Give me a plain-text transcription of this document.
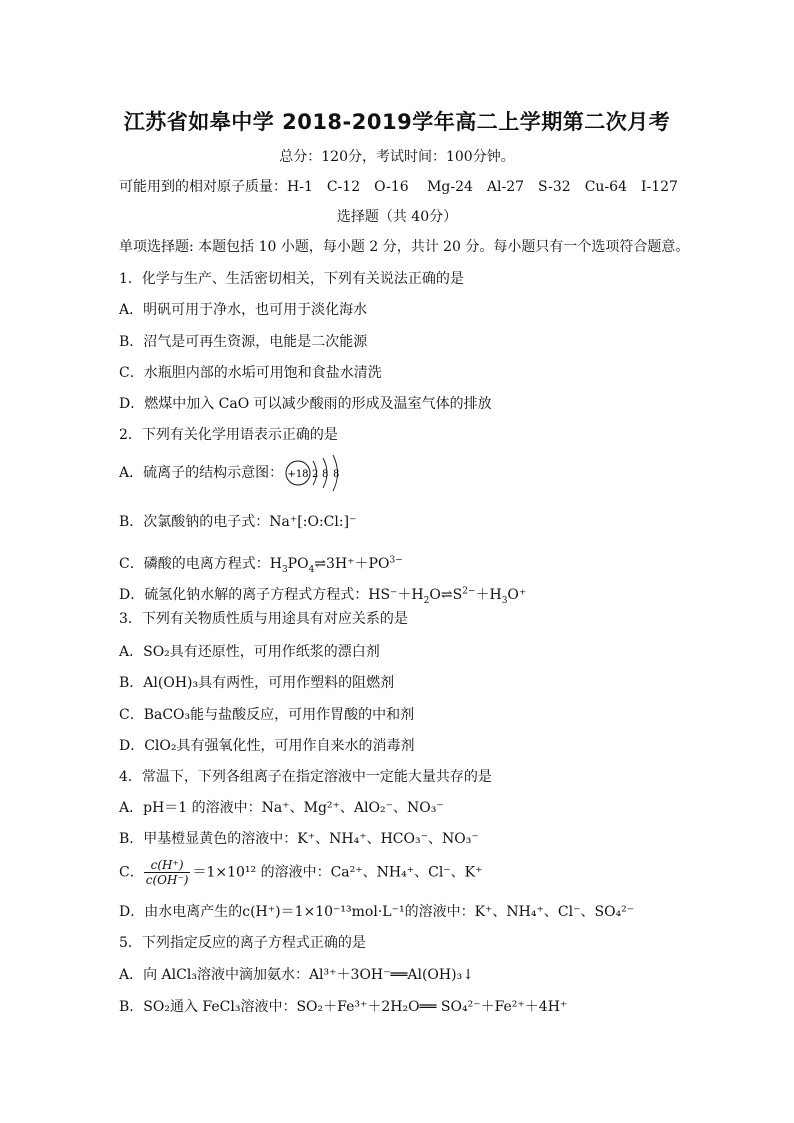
江苏省如皋中学 2018-2019学年高二上学期第二次月考
总分：120分，考试时间：100分钟。
可能用到的相对原子质量：H-1　C-12　O-16　 Mg-24　Al-27　S-32　Cu-64　I-127
选择题（共 40分）
单项选择题: 本题包括 10 小题，每小题 2 分，共计 20 分。每小题只有一个选项符合题意。
1．化学与生产、生活密切相关，下列有关说法正确的是
A．明矾可用于净水，也可用于淡化海水
B．沼气是可再生资源，电能是二次能源
C．水瓶胆内部的水垢可用饱和食盐水清洗
D．燃煤中加入 CaO 可以减少酸雨的形成及温室气体的排放
2．下列有关化学用语表示正确的是
A．硫离子的结构示意图： +18 2 8 8
B．次氯酸钠的电子式：Na⁺[:O:Cl:]⁻
C．磷酸的电离方程式：$H_3PO_4\rightleftharpoons 3H^++PO^{3-}$
D．硫氢化钠水解的离子方程式方程式：$HS^-+H_2O\rightleftharpoons S^{2-}+H_3O^+$
3．下列有关物质性质与用途具有对应关系的是
A．SO₂具有还原性，可用作纸浆的漂白剂
B．Al(OH)₃具有两性，可用作塑料的阻燃剂
C．BaCO₃能与盐酸反应，可用作胃酸的中和剂
D．ClO₂具有强氧化性，可用作自来水的消毒剂
4．常温下，下列各组离子在指定溶液中一定能大量共存的是
A．pH＝1 的溶液中：Na⁺、Mg²⁺、AlO₂⁻、NO₃⁻
B．甲基橙显黄色的溶液中：K⁺、NH₄⁺、HCO₃⁻、NO₃⁻
C． $\frac{c(H^+)}{c(OH^-)} =1\times 10^{12}$ 的溶液中：Ca²⁺、NH₄⁺、Cl⁻、K⁺
D．由水电离产生的c(H⁺)＝1×10⁻¹³mol·L⁻¹的溶液中：K⁺、NH₄⁺、Cl⁻、SO₄²⁻
5．下列指定反应的离子方程式正确的是
A．向 AlCl₃溶液中滴加氨水：Al³⁺＋3OH⁻══Al(OH)₃↓
B．SO₂通入 FeCl₃溶液中：SO₂＋Fe³⁺＋2H₂O══ SO₄²⁻＋Fe²⁺＋4H⁺
